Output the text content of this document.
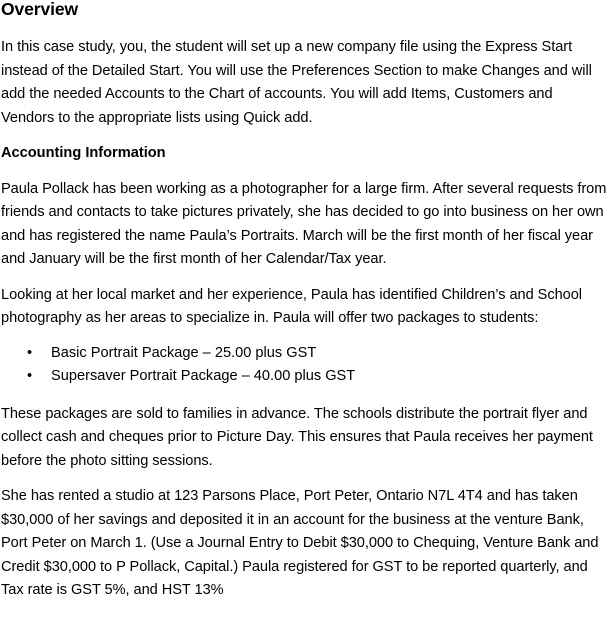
Overview

In this case study, you, the student will set up a new company file using the Express Start instead of the Detailed Start. You will use the Preferences Section to make Changes and will add the needed Accounts to the Chart of accounts. You will add Items, Customers and Vendors to the appropriate lists using Quick add.

Accounting Information

Paula Pollack has been working as a photographer for a large firm. After several requests from friends and contacts to take pictures privately, she has decided to go into business on her own and has registered the name Paula’s Portraits. March will be the first month of her fiscal year and January will be the first month of her Calendar/Tax year.

Looking at her local market and her experience, Paula has identified Children’s and School photography as her areas to specialize in. Paula will offer two packages to students:

• Basic Portrait Package – 25.00 plus GST
• Supersaver Portrait Package – 40.00 plus GST

These packages are sold to families in advance. The schools distribute the portrait flyer and collect cash and cheques prior to Picture Day. This ensures that Paula receives her payment before the photo sitting sessions.

She has rented a studio at 123 Parsons Place, Port Peter, Ontario N7L 4T4 and has taken $30,000 of her savings and deposited it in an account for the business at the venture Bank, Port Peter on March 1. (Use a Journal Entry to Debit $30,000 to Chequing, Venture Bank and Credit $30,000 to P Pollack, Capital.) Paula registered for GST to be reported quarterly, and Tax rate is GST 5%, and HST 13%
